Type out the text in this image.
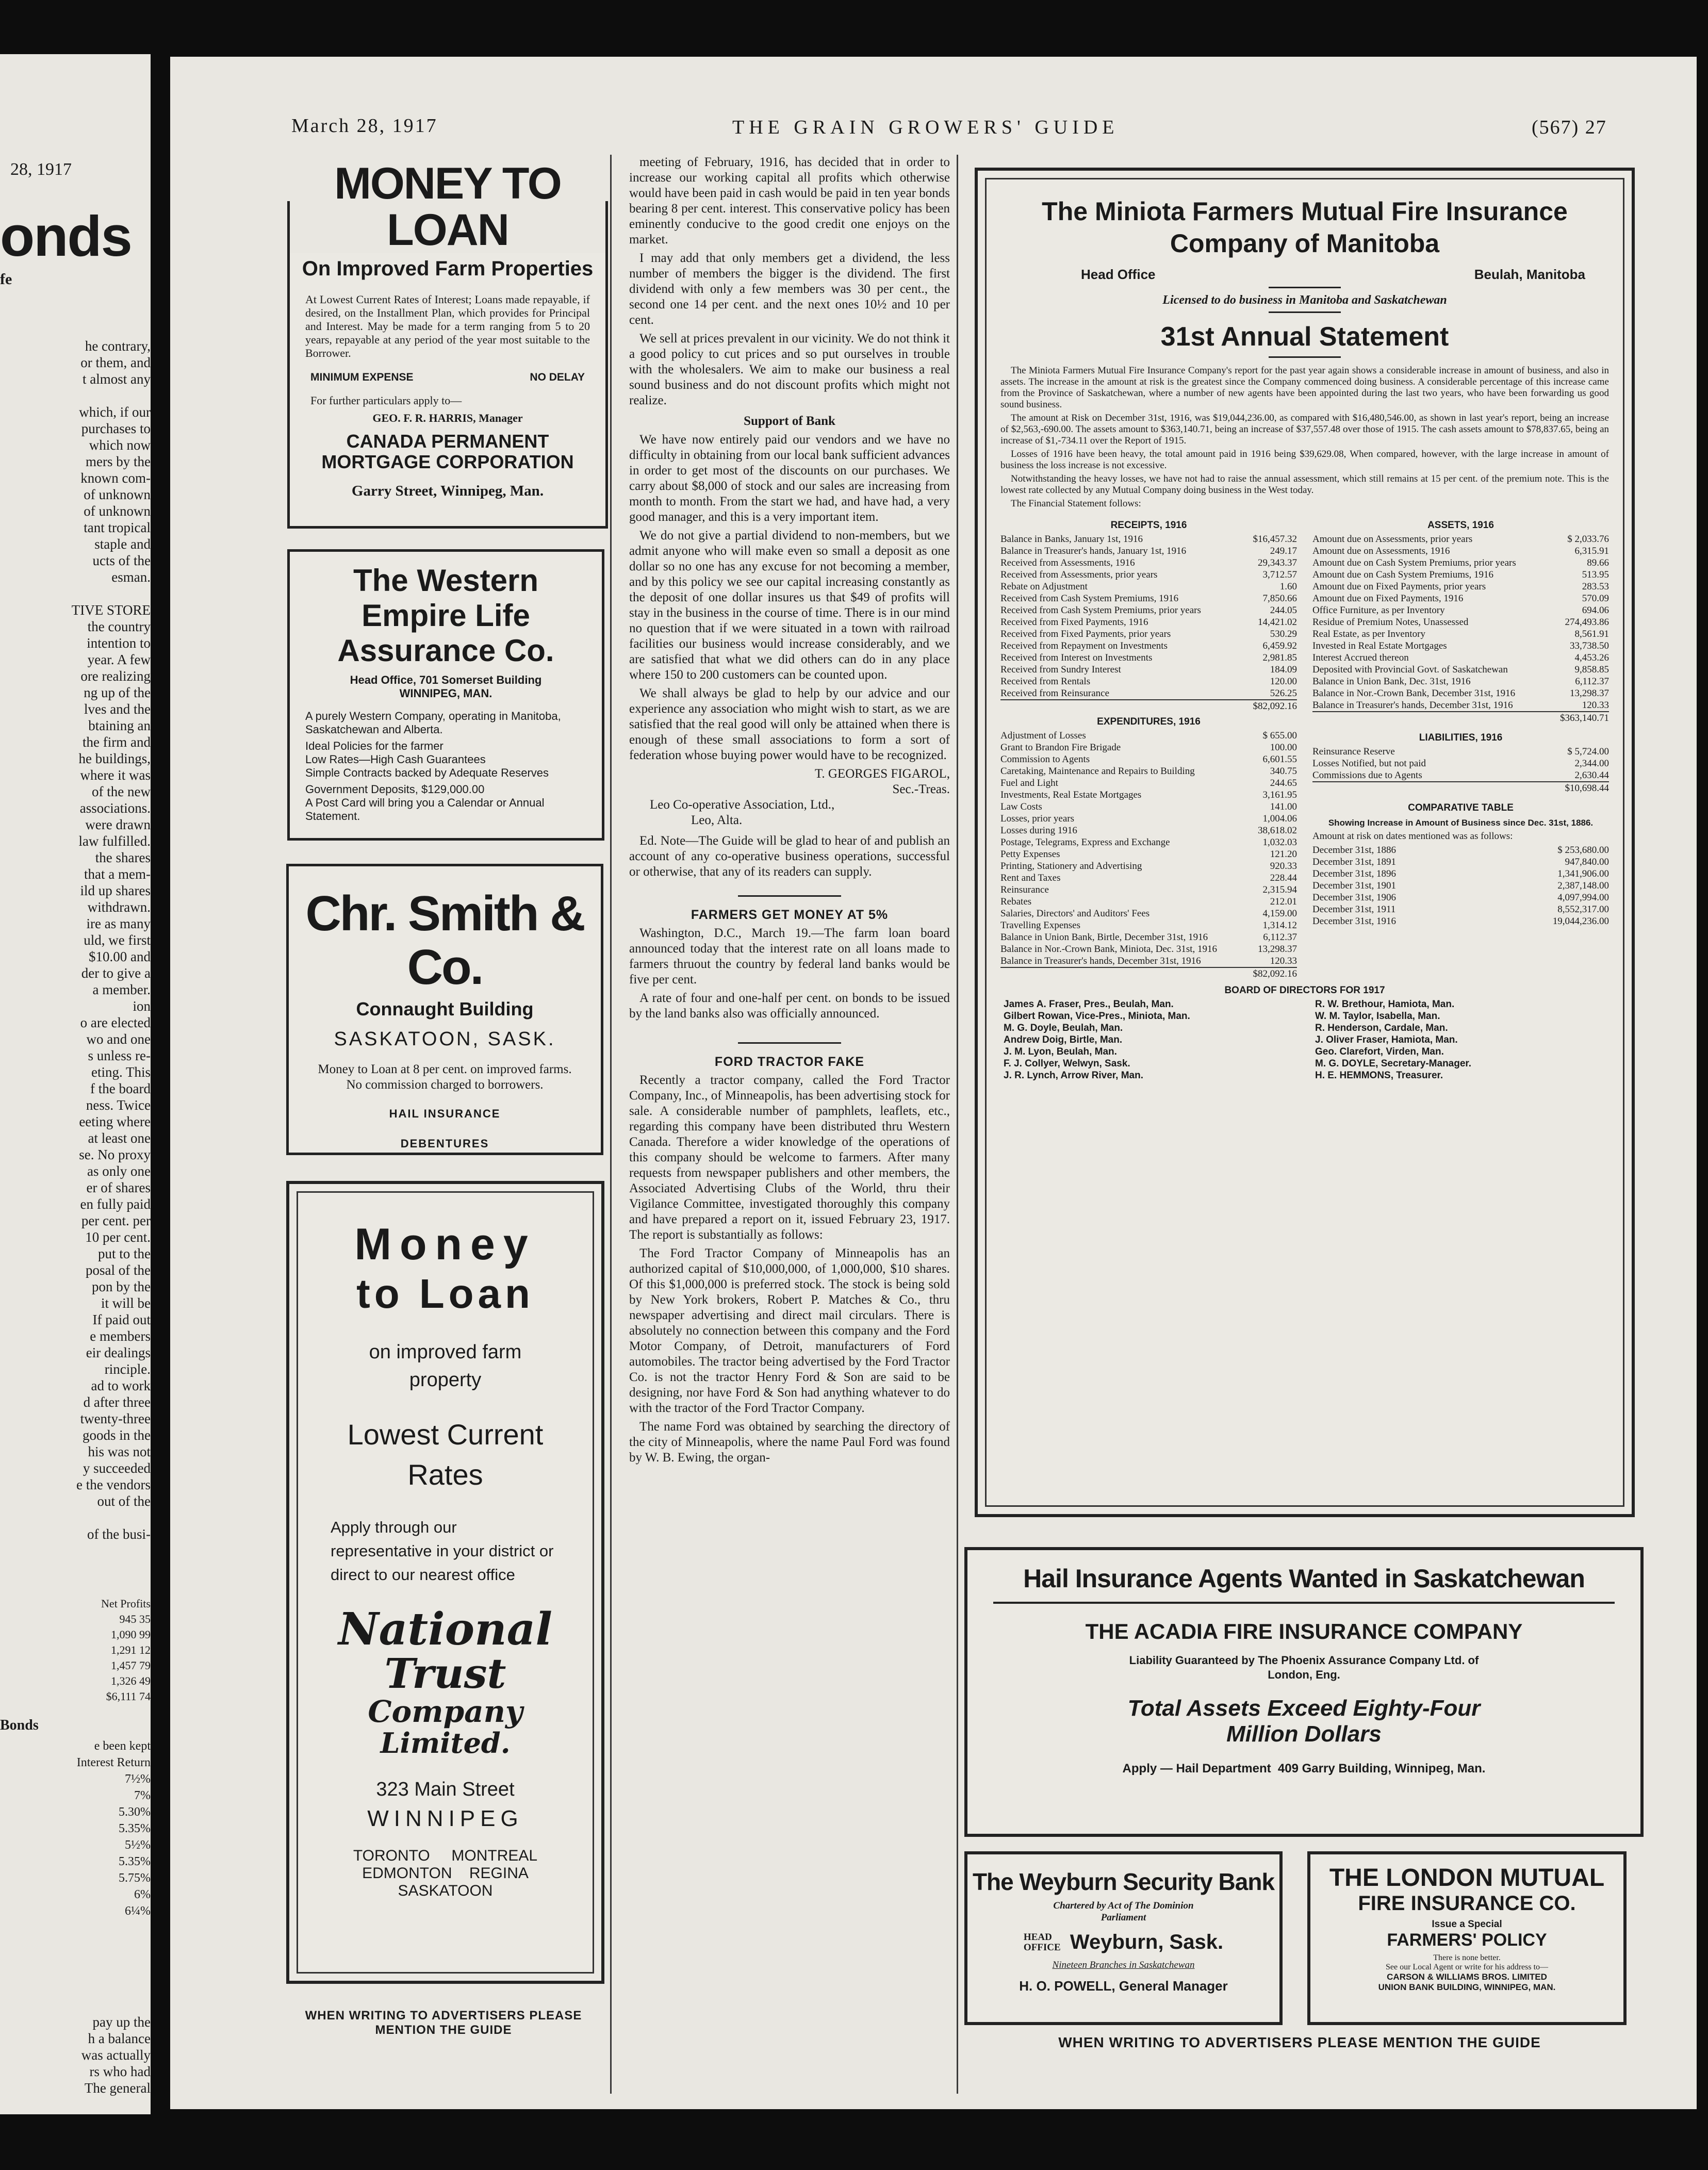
28, 1917
onds
fe
he contrary,
or them, and
t almost any

which, if our
purchases to
which now
mers by the
known com-
of unknown
of unknown
tant tropical
staple and
ucts of the
esman.

TIVE STORE
the country
intention to
year. A few
ore realizing
ng up of the
lves and the
btaining an
the firm and
he buildings,
where it was
of the new
associations.
were drawn
law fulfilled.
the shares
that a mem-
ild up shares
withdrawn.
ire as many
uld, we first
$10.00 and
der to give a
a member.
ion
o are elected
wo and one
s unless re-
eting. This
f the board
ness. Twice
eeting where
at least one
se. No proxy
as only one
er of shares
en fully paid
per cent. per
10 per cent.
put to the
posal of the
pon by the
it will be
If paid out
e members
eir dealings
rinciple.
ad to work
d after three
twenty-three
goods in the
his was not
y succeeded
e the vendors
out of the

of the busi-
Net Profits
945 35
1,090 99
1,291 12
1,457 79
1,326 49
$6,111 74
Bonds
e been kept
Interest Return
7½%
7%
5.30%
5.35%
5½%
5.35%
5.75%
6%
6¼%
pay up the
h a balance
was actually
rs who had
The general
March 28, 1917	THE GRAIN GROWERS' GUIDE	(567) 27
MONEY TO LOAN
On Improved Farm Properties
At Lowest Current Rates of Interest; Loans made repayable, if desired, on the Installment Plan, which provides for Principal and Interest. May be made for a term ranging from 5 to 20 years, repayable at any period of the year most suitable to the Borrower.
MINIMUM EXPENSE	NO DELAY
For further particulars apply to—
GEO. F. R. HARRIS, Manager
CANADA PERMANENT MORTGAGE CORPORATION
Garry Street, Winnipeg, Man.
The Western Empire Life Assurance Co.
Head Office, 701 Somerset Building
WINNIPEG, MAN.
A purely Western Company, operating in Manitoba, Saskatchewan and Alberta.
Ideal Policies for the farmer
Low Rates—High Cash Guarantees
Simple Contracts backed by Adequate Reserves
Government Deposits, $129,000.00
A Post Card will bring you a Calendar or Annual Statement.
Chr. Smith & Co.
Connaught Building
SASKATOON, SASK.
Money to Loan at 8 per cent. on improved farms. No commission charged to borrowers.
HAIL INSURANCE
DEBENTURES
Money
to Loan
on improved farm property
Lowest Current Rates
Apply through our representative in your district or direct to our nearest office
National
Trust
Company
Limited.
323 Main Street
WINNIPEG
TORONTO     MONTREAL
EDMONTON    REGINA
SASKATOON
WHEN WRITING TO ADVERTISERS PLEASE MENTION THE GUIDE

meeting of February, 1916, has decided that in order to increase our working capital all profits which otherwise would have been paid in cash would be paid in ten year bonds bearing 8 per cent. interest. This conservative policy has been eminently conducive to the good credit one enjoys on the market.

I may add that only members get a dividend, the less number of members the bigger is the dividend. The first dividend with only a few members was 30 per cent., the second one 14 per cent. and the next ones 10½ and 10 per cent.

We sell at prices prevalent in our vicinity. We do not think it a good policy to cut prices and so put ourselves in trouble with the wholesalers. We aim to make our business a real sound business and do not discount profits which might not realize.

Support of Bank

We have now entirely paid our vendors and we have no difficulty in obtaining from our local bank sufficient advances in order to get most of the discounts on our purchases. We carry about $8,000 of stock and our sales are increasing from month to month. From the start we had, and have had, a very good manager, and this is a very important item.

We do not give a partial dividend to non-members, but we admit anyone who will make even so small a deposit as one dollar so no one has any excuse for not becoming a member, and by this policy we see our capital increasing constantly as the deposit of one dollar insures us that $49 of profits will stay in the business in the course of time. There is in our mind no question that if we were situated in a town with railroad facilities our business would increase considerably, and we are satisfied that what we did others can do in any place where 150 to 200 customers can be counted upon.

We shall always be glad to help by our advice and our experience any association who might wish to start, as we are satisfied that the real good will only be attained when there is enough of these small associations to form a sort of federation whose buying power would have to be recognized.

T. GEORGES FIGAROL,
Sec.-Treas.
Leo Co-operative Association, Ltd.,
Leo, Alta.

Ed. Note—The Guide will be glad to hear of and publish an account of any co-operative business operations, successful or otherwise, that any of its readers can supply.

FARMERS GET MONEY AT 5%

Washington, D.C., March 19.—The farm loan board announced today that the interest rate on all loans made to farmers thruout the country by federal land banks would be five per cent.

A rate of four and one-half per cent. on bonds to be issued by the land banks also was officially announced.

FORD TRACTOR FAKE

Recently a tractor company, called the Ford Tractor Company, Inc., of Minneapolis, has been advertising stock for sale. A considerable number of pamphlets, leaflets, etc., regarding this company have been distributed thru Western Canada. Therefore a wider knowledge of the operations of this company should be welcome to farmers. After many requests from newspaper publishers and other members, the Associated Advertising Clubs of the World, thru their Vigilance Committee, investigated thoroughly this company and have prepared a report on it, issued February 23, 1917. The report is substantially as follows:

The Ford Tractor Company of Minneapolis has an authorized capital of $10,000,000, of 1,000,000, $10 shares. Of this $1,000,000 is preferred stock. The stock is being sold by New York brokers, Robert P. Matches & Co., thru newspaper advertising and direct mail circulars. There is absolutely no connection between this company and the Ford Motor Company, of Detroit, manufacturers of Ford automobiles. The tractor being advertised by the Ford Tractor Co. is not the tractor Henry Ford & Son are said to be designing, nor have Ford & Son had anything whatever to do with the tractor of the Ford Tractor Company.

The name Ford was obtained by searching the directory of the city of Minneapolis, where the name Paul Ford was found by W. B. Ewing, the organ-

The Miniota Farmers Mutual Fire Insurance Company of Manitoba
Head Office	Beulah, Manitoba
Licensed to do business in Manitoba and Saskatchewan
31st Annual Statement
The Miniota Farmers Mutual Fire Insurance Company's report for the past year again shows a considerable increase in amount of business, and also in assets. The increase in the amount at risk is the greatest since the Company commenced doing business. A considerable percentage of this increase came from the Province of Saskatchewan, where a number of new agents have been appointed during the last two years, who have been forwarding us good sound business.
The amount at Risk on December 31st, 1916, was $19,044,236.00, as compared with $16,480,546.00, as shown in last year's report, being an increase of $2,563,-690.00. The assets amount to $363,140.71, being an increase of $37,557.48 over those of 1915. The cash assets amount to $78,837.65, being an increase of $1,-734.11 over the Report of 1915.
Losses of 1916 have been heavy, the total amount paid in 1916 being $39,629.08, When compared, however, with the large increase in amount of business the loss increase is not excessive.
Notwithstanding the heavy losses, we have not had to raise the annual assessment, which still remains at 15 per cent. of the premium note. This is the lowest rate collected by any Mutual Company doing business in the West today.
The Financial Statement follows:
RECEIPTS, 1916
Balance in Banks, January 1st, 1916	$16,457.32
Balance in Treasurer's hands, January 1st, 1916	249.17
Received from Assessments, 1916	29,343.37
Received from Assessments, prior years	3,712.57
Rebate on Adjustment	1.60
Received from Cash System Premiums, 1916	7,850.66
Received from Cash System Premiums, prior years	244.05
Received from Fixed Payments, 1916	14,421.02
Received from Fixed Payments, prior years	530.29
Received from Repayment on Investments	6,459.92
Received from Interest on Investments	2,981.85
Received from Sundry Interest	184.09
Received from Rentals	120.00
Received from Reinsurance	526.25
$82,092.16
EXPENDITURES, 1916
Adjustment of Losses	$ 655.00
Grant to Brandon Fire Brigade	100.00
Commission to Agents	6,601.55
Caretaking, Maintenance and Repairs to Building	340.75
Fuel and Light	244.65
Investments, Real Estate Mortgages	3,161.95
Law Costs	141.00
Losses, prior years	1,004.06
Losses during 1916	38,618.02
Postage, Telegrams, Express and Exchange	1,032.03
Petty Expenses	121.20
Printing, Stationery and Advertising	920.33
Rent and Taxes	228.44
Reinsurance	2,315.94
Rebates	212.01
Salaries, Directors' and Auditors' Fees	4,159.00
Travelling Expenses	1,314.12
Balance in Union Bank, Birtle, December 31st, 1916	6,112.37
Balance in Nor.-Crown Bank, Miniota, Dec. 31st, 1916	13,298.37
Balance in Treasurer's hands, December 31st, 1916	120.33
$82,092.16
ASSETS, 1916
Amount due on Assessments, prior years	$ 2,033.76
Amount due on Assessments, 1916	6,315.91
Amount due on Cash System Premiums, prior years	89.66
Amount due on Cash System Premiums, 1916	513.95
Amount due on Fixed Payments, prior years	283.53
Amount due on Fixed Payments, 1916	570.09
Office Furniture, as per Inventory	694.06
Residue of Premium Notes, Unassessed	274,493.86
Real Estate, as per Inventory	8,561.91
Invested in Real Estate Mortgages	33,738.50
Interest Accrued thereon	4,453.26
Deposited with Provincial Govt. of Saskatchewan	9,858.85
Balance in Union Bank, Dec. 31st, 1916	6,112.37
Balance in Nor.-Crown Bank, December 31st, 1916	13,298.37
Balance in Treasurer's hands, December 31st, 1916	120.33
$363,140.71
LIABILITIES, 1916
Reinsurance Reserve	$ 5,724.00
Losses Notified, but not paid	2,344.00
Commissions due to Agents	2,630.44
$10,698.44
COMPARATIVE TABLE
Showing Increase in Amount of Business since Dec. 31st, 1886.
Amount at risk on dates mentioned was as follows:
December 31st, 1886	$ 253,680.00
December 31st, 1891	947,840.00
December 31st, 1896	1,341,906.00
December 31st, 1901	2,387,148.00
December 31st, 1906	4,097,994.00
December 31st, 1911	8,552,317.00
December 31st, 1916	19,044,236.00
BOARD OF DIRECTORS FOR 1917
James A. Fraser, Pres., Beulah, Man.
Gilbert Rowan, Vice-Pres., Miniota, Man.
M. G. Doyle, Beulah, Man.
Andrew Doig, Birtle, Man.
J. M. Lyon, Beulah, Man.
F. J. Collyer, Welwyn, Sask.
J. R. Lynch, Arrow River, Man.
R. W. Brethour, Hamiota, Man.
W. M. Taylor, Isabella, Man.
R. Henderson, Cardale, Man.
J. Oliver Fraser, Hamiota, Man.
Geo. Clarefort, Virden, Man.
M. G. DOYLE, Secretary-Manager.
H. E. HEMMONS, Treasurer.
Hail Insurance Agents Wanted in Saskatchewan
THE ACADIA FIRE INSURANCE COMPANY
Liability Guaranteed by The Phoenix Assurance Company Ltd. of London, Eng.
Total Assets Exceed Eighty-Four
Million Dollars
Apply — Hail Department  409 Garry Building, Winnipeg, Man.
The Weyburn Security Bank
Chartered by Act of The Dominion
Parliament
HEAD OFFICE Weyburn, Sask.
Nineteen Branches in Saskatchewan
H. O. POWELL, General Manager
THE LONDON MUTUAL
FIRE INSURANCE CO.
Issue a Special
FARMERS' POLICY
There is none better.
See our Local Agent or write for his address to—
CARSON & WILLIAMS BROS. LIMITED
UNION BANK BUILDING, WINNIPEG, MAN.
WHEN WRITING TO ADVERTISERS PLEASE MENTION THE GUIDE
